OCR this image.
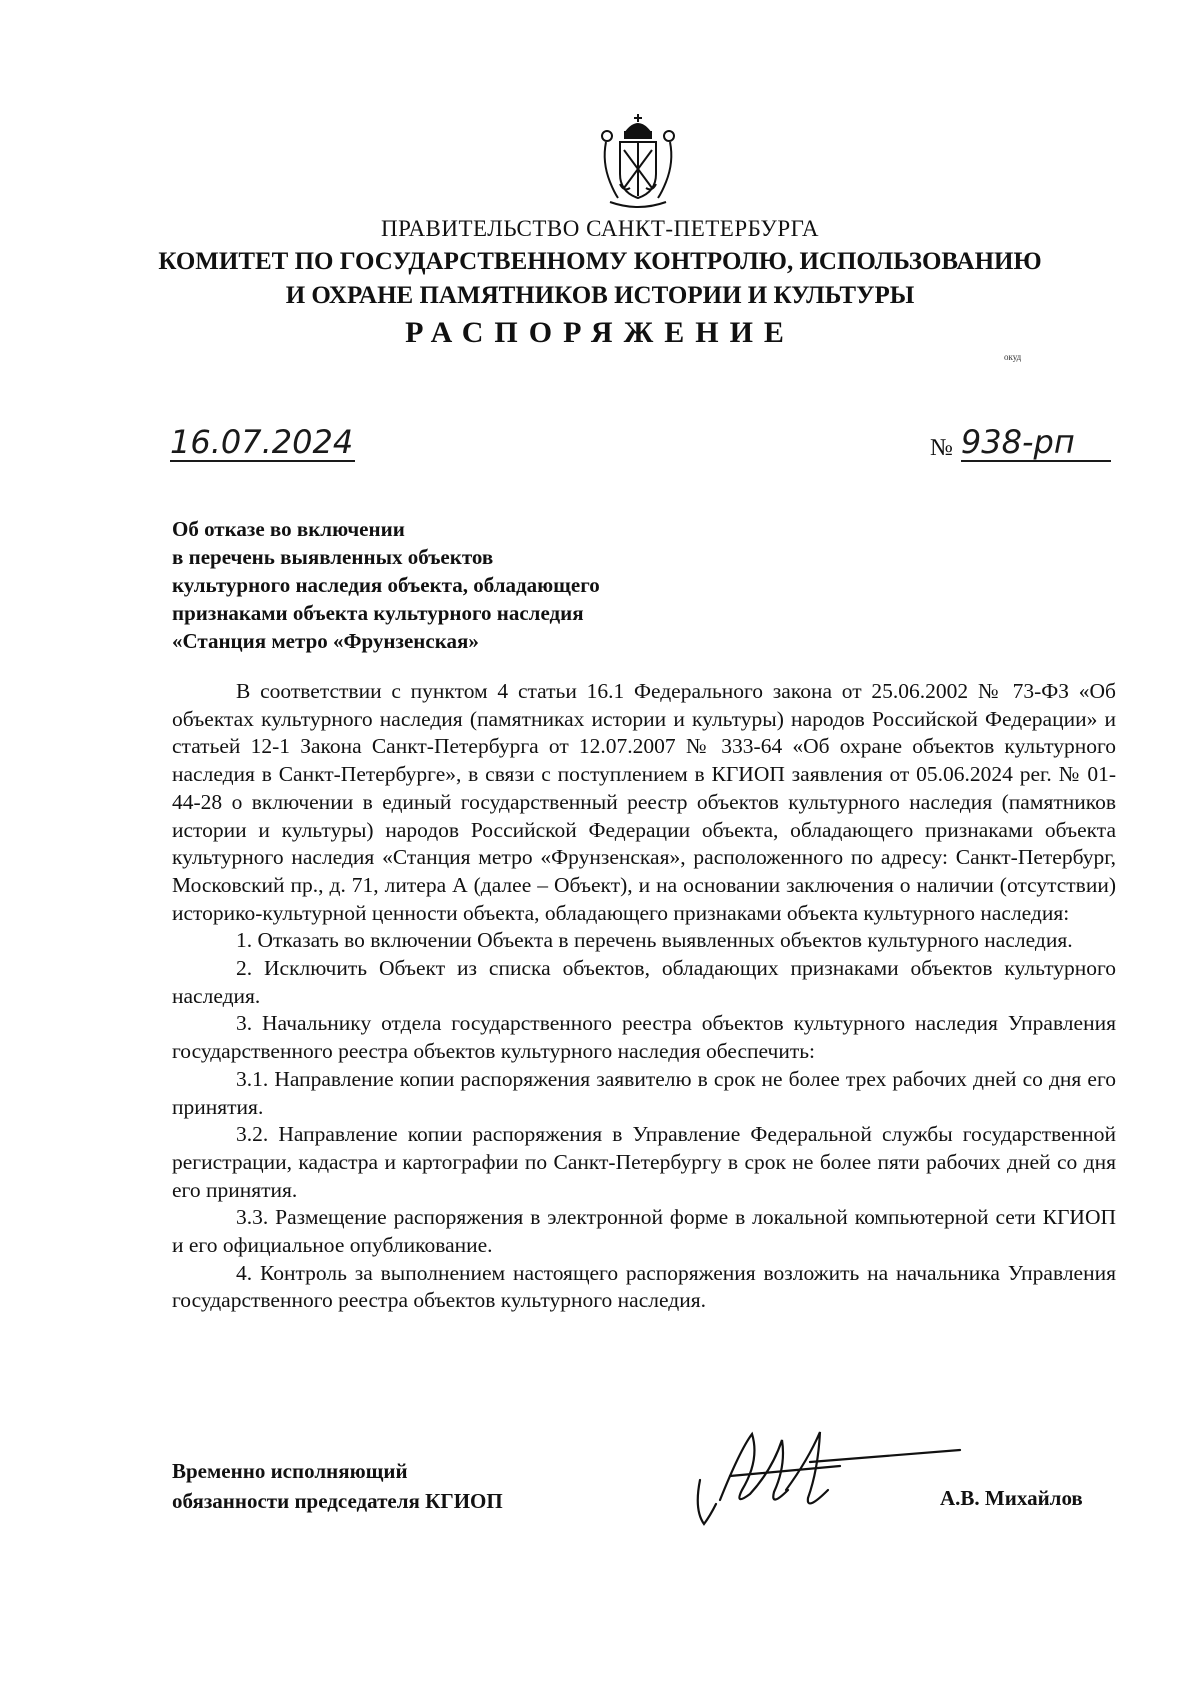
ПРАВИТЕЛЬСТВО САНКТ-ПЕТЕРБУРГА
КОМИТЕТ ПО ГОСУДАРСТВЕННОМУ КОНТРОЛЮ, ИСПОЛЬЗОВАНИЮ
И ОХРАНЕ ПАМЯТНИКОВ ИСТОРИИ И КУЛЬТУРЫ
РАСПОРЯЖЕНИЕ
окуд
16.07.2024	№ 938-рп
Об отказе во включении
в перечень выявленных объектов
культурного наследия объекта, обладающего
признаками объекта культурного наследия
«Станция метро «Фрунзенская»

В соответствии с пунктом 4 статьи 16.1 Федерального закона от 25.06.2002 № 73-ФЗ «Об объектах культурного наследия (памятниках истории и культуры) народов Российской Федерации» и статьей 12-1 Закона Санкт-Петербурга от 12.07.2007 № 333-64 «Об охране объектов культурного наследия в Санкт-Петербурге», в связи с поступлением в КГИОП заявления от 05.06.2024 рег. № 01-44-28 о включении в единый государственный реестр объектов культурного наследия (памятников истории и культуры) народов Российской Федерации объекта, обладающего признаками объекта культурного наследия «Станция метро «Фрунзенская», расположенного по адресу: Санкт-Петербург, Московский пр., д. 71, литера А (далее – Объект), и на основании заключения о наличии (отсутствии) историко-культурной ценности объекта, обладающего признаками объекта культурного наследия:

1. Отказать во включении Объекта в перечень выявленных объектов культурного наследия.

2. Исключить Объект из списка объектов, обладающих признаками объектов культурного наследия.

3. Начальнику отдела государственного реестра объектов культурного наследия Управления государственного реестра объектов культурного наследия обеспечить:

3.1. Направление копии распоряжения заявителю в срок не более трех рабочих дней со дня его принятия.

3.2. Направление копии распоряжения в Управление Федеральной службы государственной регистрации, кадастра и картографии по Санкт-Петербургу в срок не более пяти рабочих дней со дня его принятия.

3.3. Размещение распоряжения в электронной форме в локальной компьютерной сети КГИОП и его официальное опубликование.

4. Контроль за выполнением настоящего распоряжения возложить на начальника Управления государственного реестра объектов культурного наследия.

Временно исполняющий
обязанности председателя КГИОП	А.В. Михайлов
